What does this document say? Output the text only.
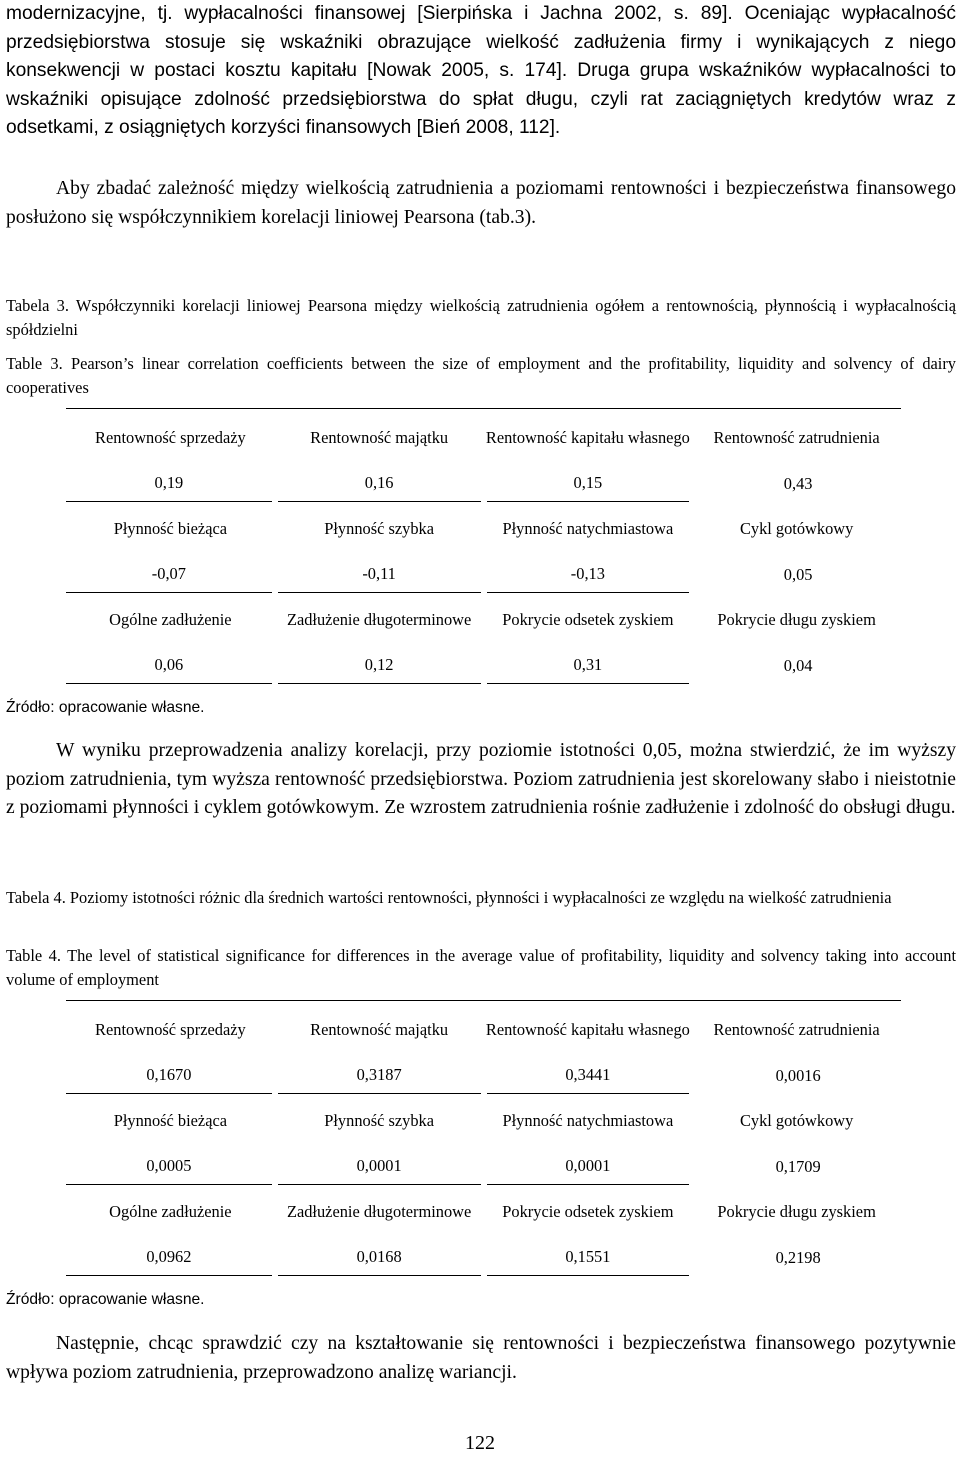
modernizacyjne, tj. wypłacalności finansowej [Sierpińska i Jachna 2002, s. 89]. Oceniając wypłacalność przedsiębiorstwa stosuje się wskaźniki obrazujące wielkość zadłużenia firmy i wynikających z niego konsekwencji w postaci kosztu kapitału [Nowak 2005, s. 174]. Druga grupa wskaźników wypłacalności to wskaźniki opisujące zdolność przedsiębiorstwa do spłat długu, czyli rat zaciągniętych kredytów wraz z odsetkami, z osiągniętych korzyści finansowych [Bień 2008, 112].

Aby zbadać zależność między wielkością zatrudnienia a poziomami rentowności i bezpieczeństwa finansowego posłużono się współczynnikiem korelacji liniowej Pearsona (tab.3).

Tabela 3. Współczynniki korelacji liniowej Pearsona między wielkością zatrudnienia ogółem a rentownością, płynnością i wypłacalnością spółdzielni

Table 3. Pearson’s linear correlation coefficients between the size of employment and the profitability, liquidity and solvency of dairy cooperatives

Rentowność sprzedaży	Rentowność majątku	Rentowność kapitału własnego	Rentowność zatrudnienia
0,19	0,16	0,15	0,43
Płynność bieżąca	Płynność szybka	Płynność natychmiastowa	Cykl gotówkowy
-0,07	-0,11	-0,13	0,05
Ogólne zadłużenie	Zadłużenie długoterminowe	Pokrycie odsetek zyskiem	Pokrycie długu zyskiem
0,06	0,12	0,31	0,04

Źródło: opracowanie własne.

W wyniku przeprowadzenia analizy korelacji, przy poziomie istotności 0,05, można stwierdzić, że im wyższy poziom zatrudnienia, tym wyższa rentowność przedsiębiorstwa. Poziom zatrudnienia jest skorelowany słabo i nieistotnie z poziomami płynności i cyklem gotówkowym. Ze wzrostem zatrudnienia rośnie zadłużenie i zdolność do obsługi długu.

Tabela 4. Poziomy istotności różnic dla średnich wartości rentowności, płynności i wypłacalności ze względu na wielkość zatrudnienia

Table 4. The level of statistical significance for differences in the average value of profitability, liquidity and solvency taking into account volume of employment

Rentowność sprzedaży	Rentowność majątku	Rentowność kapitału własnego	Rentowność zatrudnienia
0,1670	0,3187	0,3441	0,0016
Płynność bieżąca	Płynność szybka	Płynność natychmiastowa	Cykl gotówkowy
0,0005	0,0001	0,0001	0,1709
Ogólne zadłużenie	Zadłużenie długoterminowe	Pokrycie odsetek zyskiem	Pokrycie długu zyskiem
0,0962	0,0168	0,1551	0,2198

Źródło: opracowanie własne.

Następnie, chcąc sprawdzić czy na kształtowanie się rentowności i bezpieczeństwa finansowego pozytywnie wpływa poziom zatrudnienia, przeprowadzono analizę wariancji.

122
